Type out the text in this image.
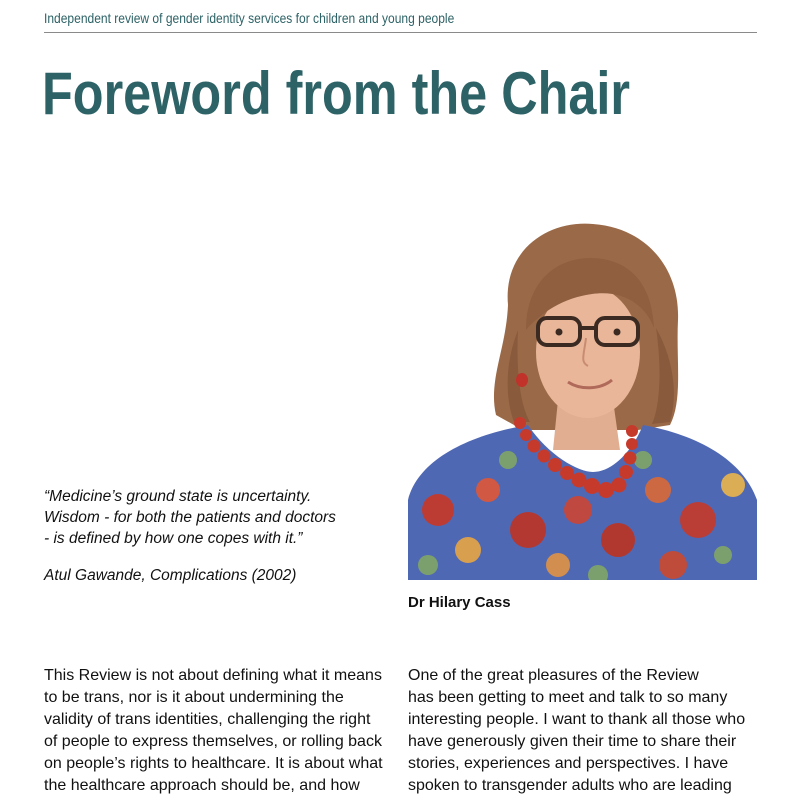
Independent review of gender identity services for children and young people
Foreword from the Chair
“Medicine’s ground state is uncertainty.
Wisdom - for both the patients and doctors
- is defined by how one copes with it.”
Atul Gawande, Complications (2002)
Dr Hilary Cass
This Review is not about defining what it means
to be trans, nor is it about undermining the
validity of trans identities, challenging the right
of people to express themselves, or rolling back
on people’s rights to healthcare. It is about what
the healthcare approach should be, and how
One of the great pleasures of the Review
has been getting to meet and talk to so many
interesting people. I want to thank all those who
have generously given their time to share their
stories, experiences and perspectives. I have
spoken to transgender adults who are leading
